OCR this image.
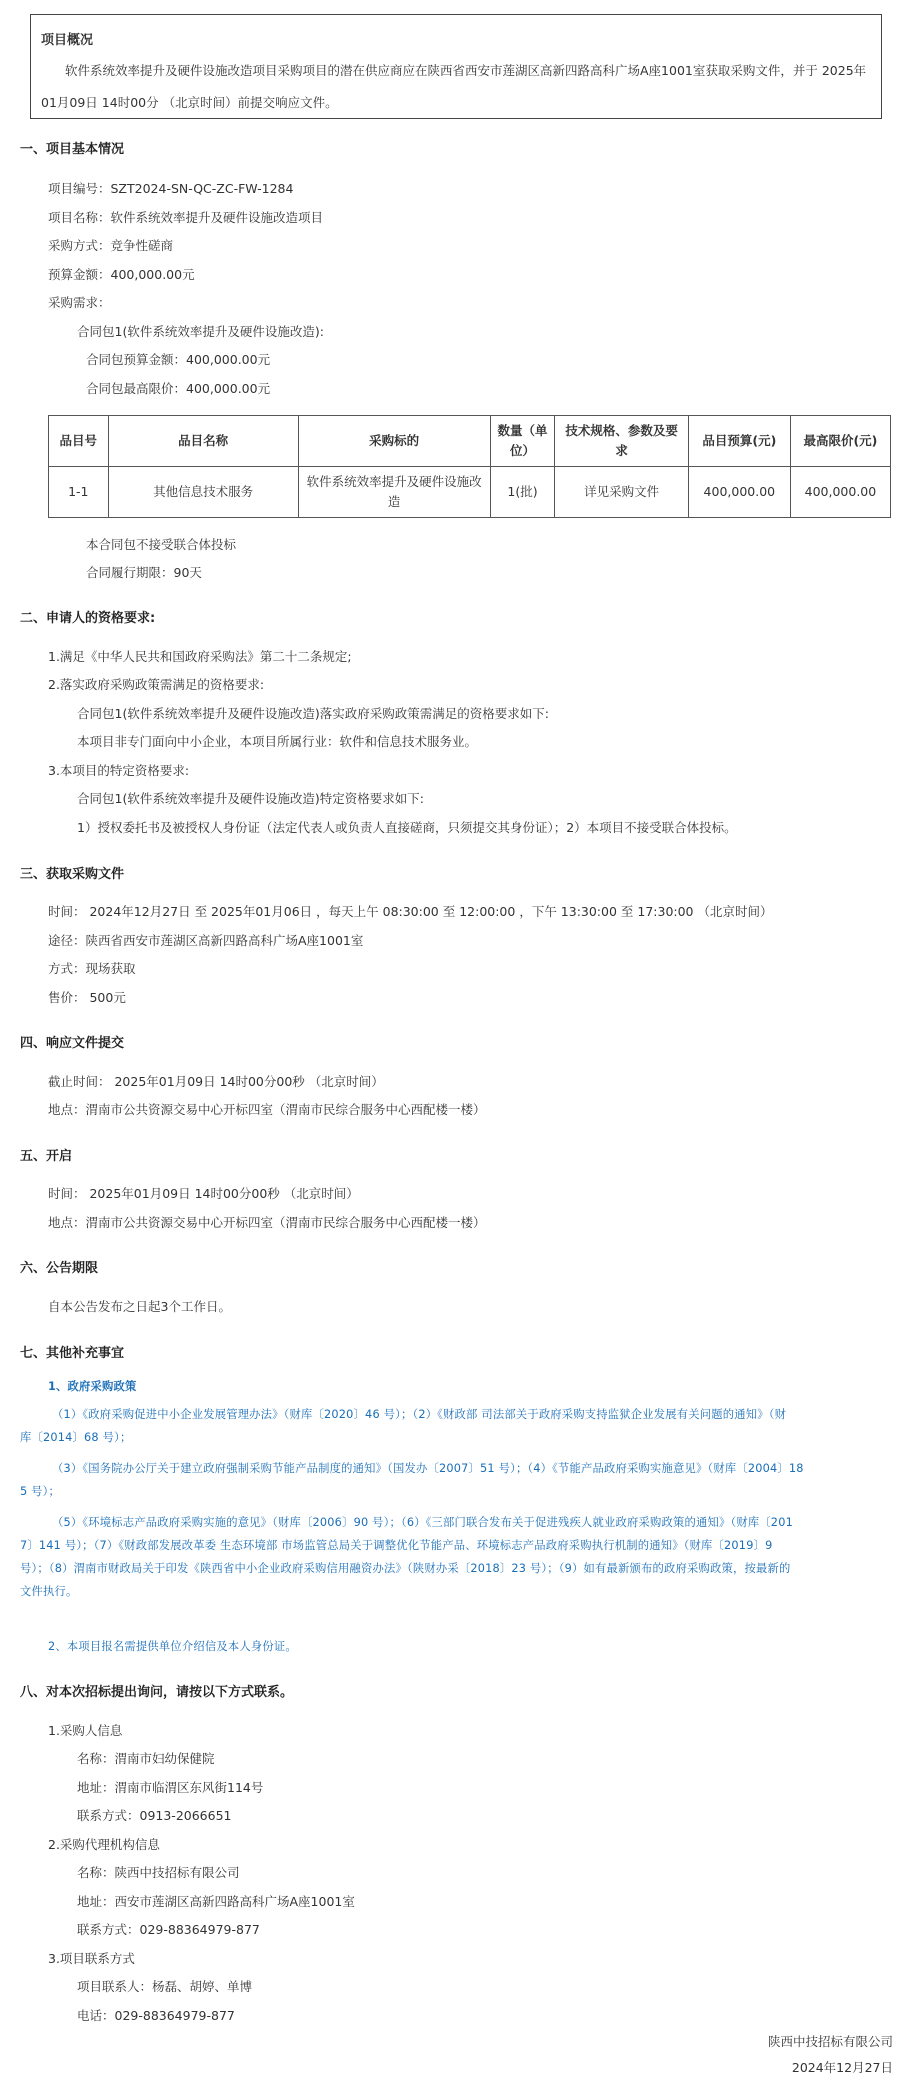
项目概况
软件系统效率提升及硬件设施改造项目采购项目的潜在供应商应在陕西省西安市莲湖区高新四路高科广场A座1001室获取采购文件，并于 2025年01月09日 14时00分 （北京时间）前提交响应文件。
一、项目基本情况
项目编号：SZT2024-SN-QC-ZC-FW-1284
项目名称：软件系统效率提升及硬件设施改造项目
采购方式：竞争性磋商
预算金额：400,000.00元
采购需求：
合同包1(软件系统效率提升及硬件设施改造):
合同包预算金额：400,000.00元
合同包最高限价：400,000.00元
品目号	品目名称	采购标的	数量（单位）	技术规格、参数及要求	品目预算(元)	最高限价(元)
1-1	其他信息技术服务	软件系统效率提升及硬件设施改造	1(批)	详见采购文件	400,000.00	400,000.00
本合同包不接受联合体投标
合同履行期限：90天
二、申请人的资格要求:
1.满足《中华人民共和国政府采购法》第二十二条规定;
2.落实政府采购政策需满足的资格要求:
合同包1(软件系统效率提升及硬件设施改造)落实政府采购政策需满足的资格要求如下:
本项目非专门面向中小企业，本项目所属行业：软件和信息技术服务业。
3.本项目的特定资格要求:
合同包1(软件系统效率提升及硬件设施改造)特定资格要求如下:
1）授权委托书及被授权人身份证（法定代表人或负责人直接磋商，只须提交其身份证）；2）本项目不接受联合体投标。
三、获取采购文件
时间： 2024年12月27日 至 2025年01月06日 ，每天上午 08:30:00 至 12:00:00 ，下午 13:30:00 至 17:30:00 （北京时间）
途径：陕西省西安市莲湖区高新四路高科广场A座1001室
方式：现场获取
售价： 500元
四、响应文件提交
截止时间： 2025年01月09日 14时00分00秒 （北京时间）
地点：渭南市公共资源交易中心开标四室（渭南市民综合服务中心西配楼一楼）
五、开启
时间： 2025年01月09日 14时00分00秒 （北京时间）
地点：渭南市公共资源交易中心开标四室（渭南市民综合服务中心西配楼一楼）
六、公告期限
自本公告发布之日起3个工作日。
七、其他补充事宜
1、政府采购政策
（1）《政府采购促进中小企业发展管理办法》（财库〔2020〕46 号）；（2）《财政部 司法部关于政府采购支持监狱企业发展有关问题的通知》（财
库〔2014〕68 号）；
（3）《国务院办公厅关于建立政府强制采购节能产品制度的通知》（国发办〔2007〕51 号）；（4）《节能产品政府采购实施意见》（财库〔2004〕18
5 号）；
（5）《环境标志产品政府采购实施的意见》（财库〔2006〕90 号）；（6）《三部门联合发布关于促进残疾人就业政府采购政策的通知》（财库〔201
7〕141 号）；（7）《财政部发展改革委 生态环境部 市场监管总局关于调整优化节能产品、环境标志产品政府采购执行机制的通知》（财库〔2019〕9
号）；（8）渭南市财政局关于印发《陕西省中小企业政府采购信用融资办法》（陕财办采〔2018〕23 号）；（9）如有最新颁布的政府采购政策，按最新的
文件执行。
2、本项目报名需提供单位介绍信及本人身份证。
八、对本次招标提出询问，请按以下方式联系。
1.采购人信息
名称：渭南市妇幼保健院
地址：渭南市临渭区东风街114号
联系方式：0913-2066651
2.采购代理机构信息
名称：陕西中技招标有限公司
地址：西安市莲湖区高新四路高科广场A座1001室
联系方式：029-88364979-877
3.项目联系方式
项目联系人：杨磊、胡婷、单博
电话：029-88364979-877
陕西中技招标有限公司
2024年12月27日
